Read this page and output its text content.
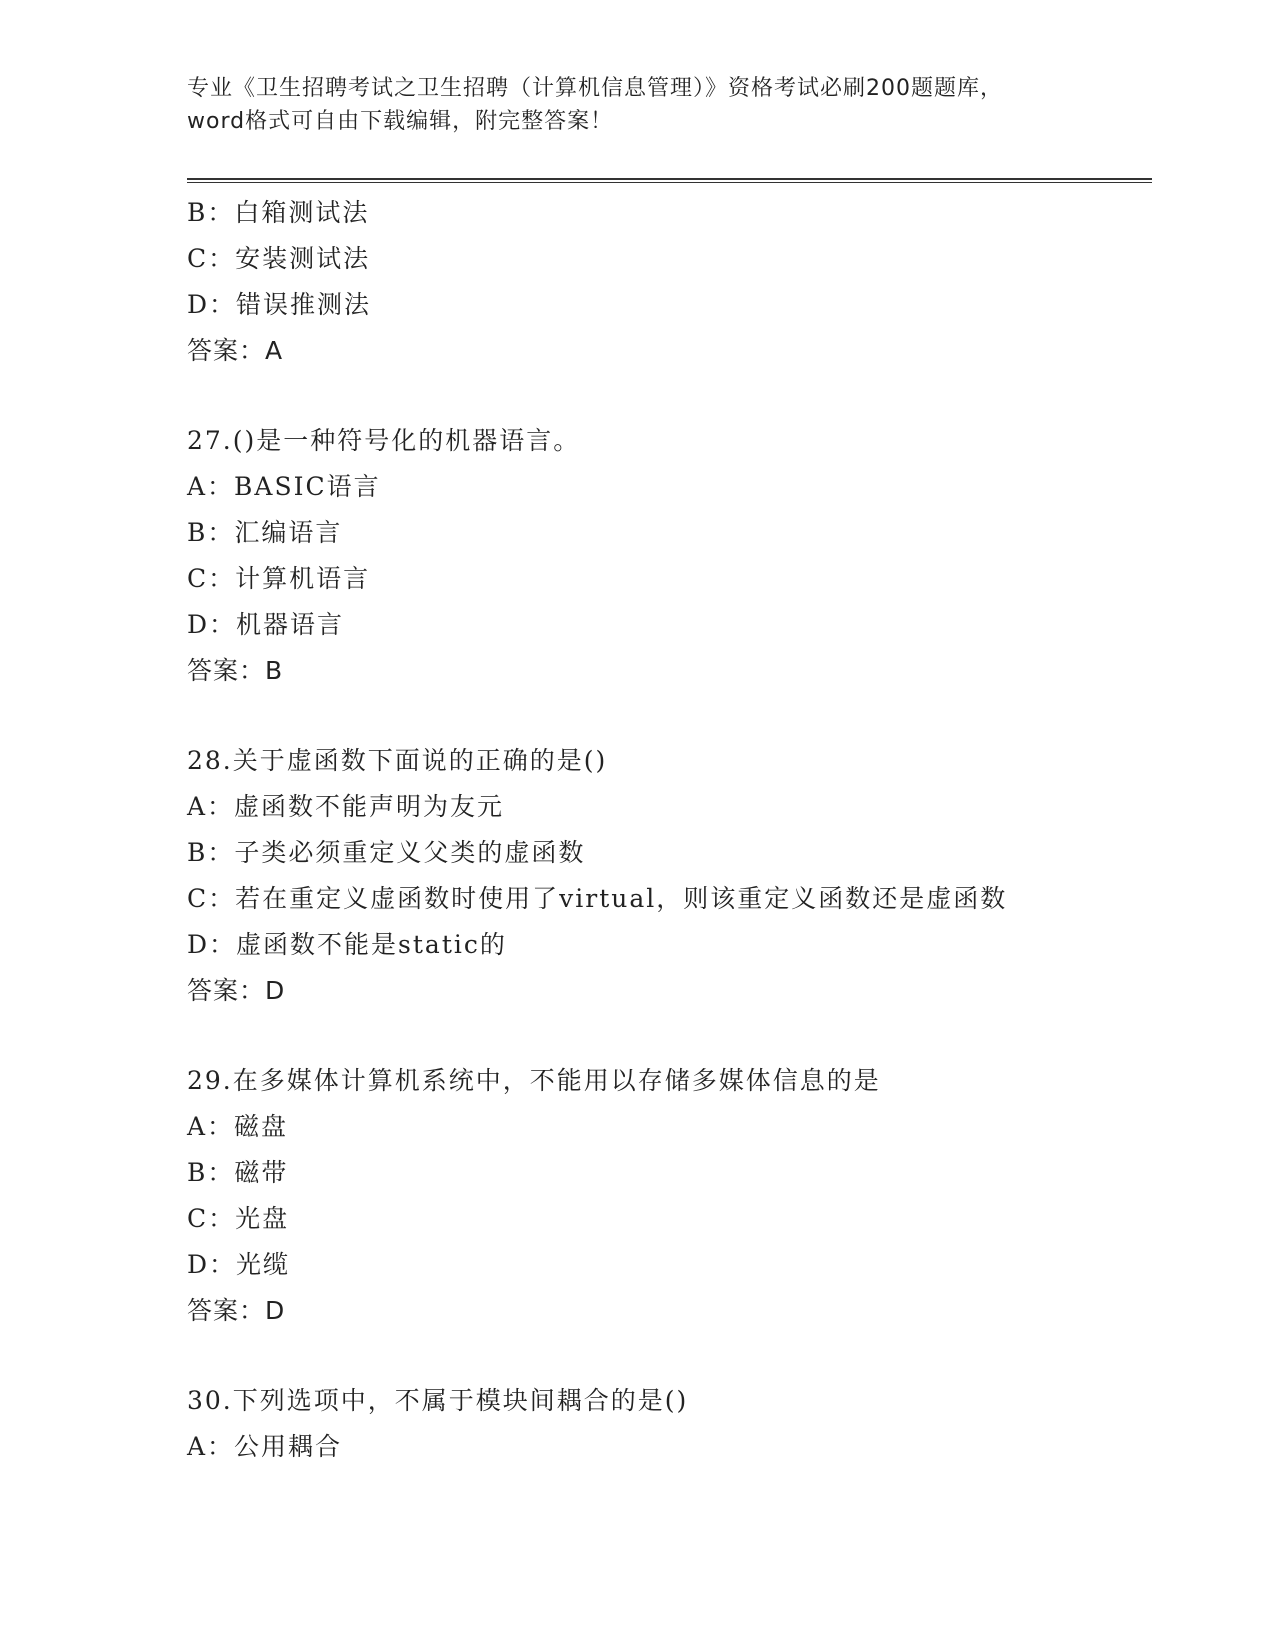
专业《卫生招聘考试之卫生招聘（计算机信息管理）》资格考试必刷200题题库，
word格式可自由下载编辑，附完整答案！
B：白箱测试法
C：安装测试法
D：错误推测法
答案：A
27.()是一种符号化的机器语言。
A：BASIC语言
B：汇编语言
C：计算机语言
D：机器语言
答案：B
28.关于虚函数下面说的正确的是()
A：虚函数不能声明为友元
B：子类必须重定义父类的虚函数
C：若在重定义虚函数时使用了virtual，则该重定义函数还是虚函数
D：虚函数不能是static的
答案：D
29.在多媒体计算机系统中，不能用以存储多媒体信息的是
A：磁盘
B：磁带
C：光盘
D：光缆
答案：D
30.下列选项中，不属于模块间耦合的是()
A：公用耦合
